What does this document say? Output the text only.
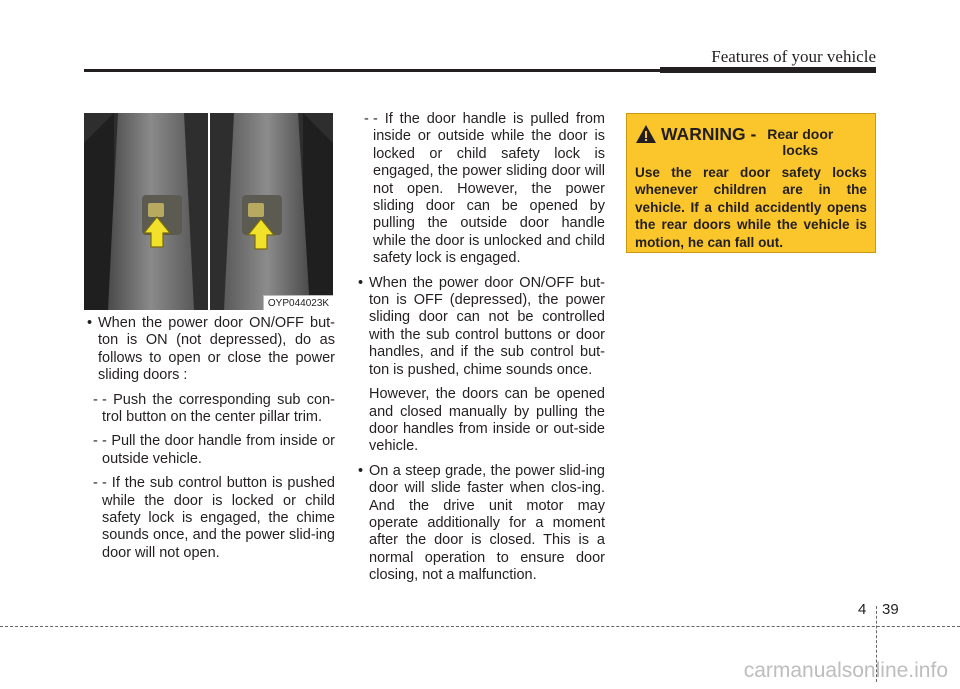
Features of your vehicle
OYP044023K
• When the power door ON/OFF but-ton is ON (not depressed), do as follows to open or close the power sliding doors :
- - Push the corresponding sub con-trol button on the center pillar trim.
- - Pull the door handle from inside or outside vehicle.
- - If the sub control button is pushed while the door is locked or child safety lock is engaged, the chime sounds once, and the power slid-ing door will not open.
- - If the door handle is pulled from inside or outside while the door is locked or child safety lock is engaged, the power sliding door will not open. However, the power sliding door can be opened by pulling the outside door handle while the door is unlocked and child safety lock is engaged.
• When the power door ON/OFF but-ton is OFF (depressed), the power sliding door can not be controlled with the sub control buttons or door handles, and if the sub control but-ton is pushed, chime sounds once.
However, the doors can be opened and closed manually by pulling the door handles from inside or out-side vehicle.
• On a steep grade, the power slid-ing door will slide faster when clos-ing. And the drive unit motor may operate additionally for a moment after the door is closed. This is a normal operation to ensure door closing, not a malfunction.
WARNING - Rear door locks
Use the rear door safety locks whenever children are in the vehicle. If a child accidently opens the rear doors while the vehicle is motion, he can fall out.
4 39
carmanualsonline.info
